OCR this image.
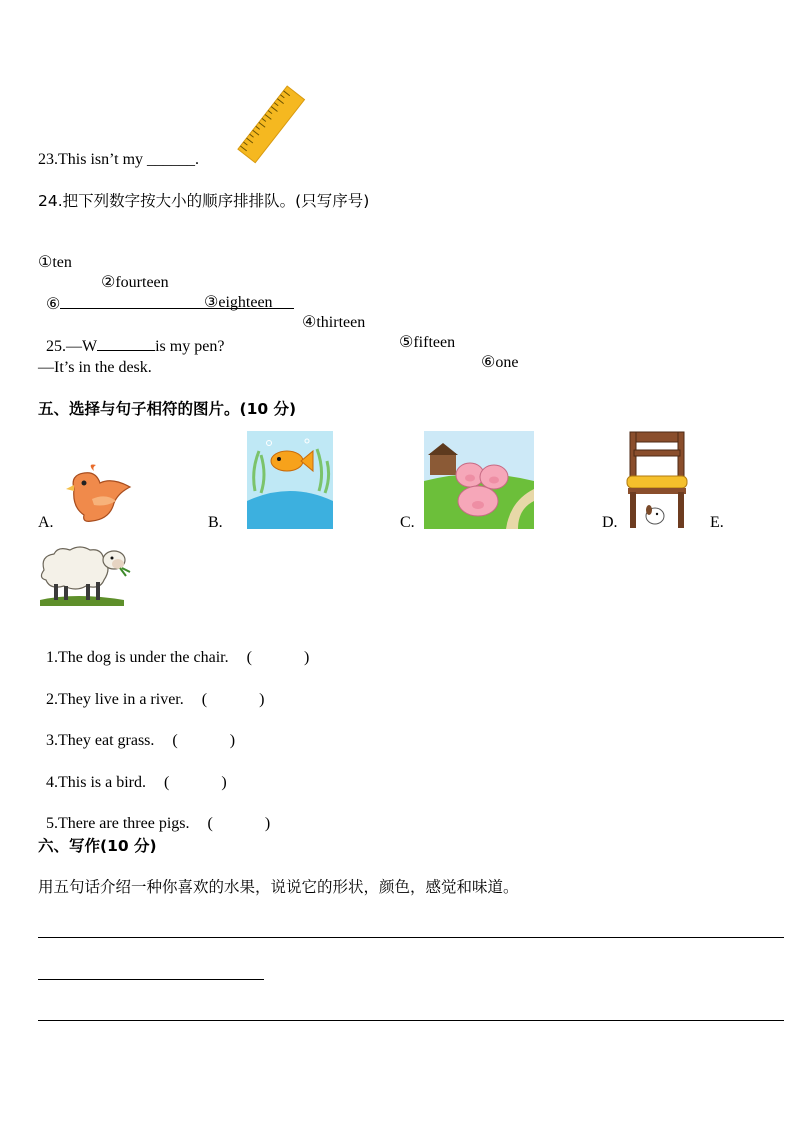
23.This isn’t my ______.
24.把下列数字按大小的顺序排排队。(只写序号)

①ten

②fourteen

③eighteen

④thirteen

⑤fifteen

⑥one

⑥

25.—W	is my pen?

—It’s in the desk.
五、选择与句子相符的图片。(10 分)
A.	B.	C.	D.	E.

1.The dog is under the chair. (	)

2.They live in a river. (	)

3.They eat grass. (	)

4.This is a bird. (	)

5.There are three pigs. (	)

六、写作(10 分)
用五句话介绍一种你喜欢的水果，说说它的形状，颜色，感觉和味道。
